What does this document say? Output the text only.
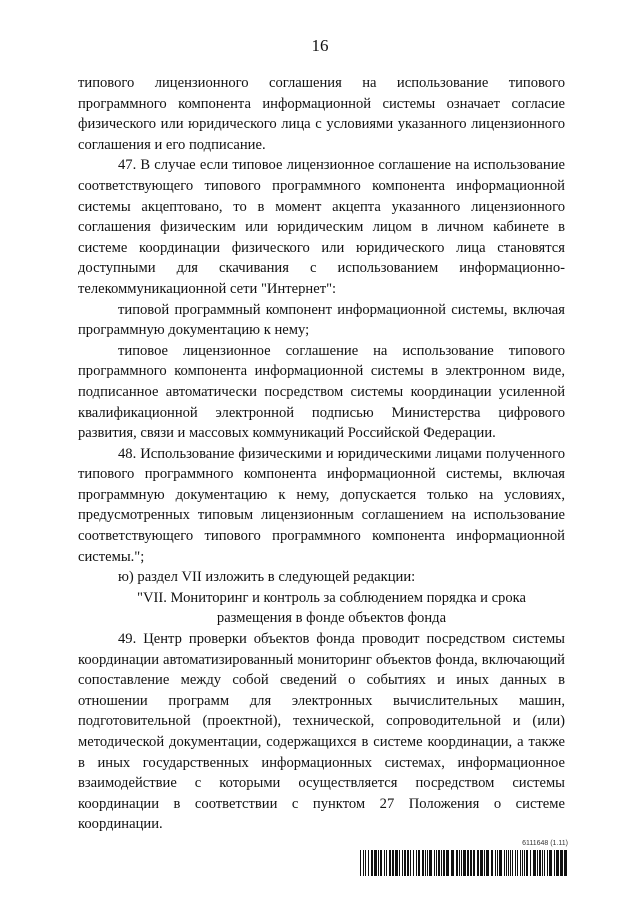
16

типового лицензионного соглашения на использование типового программного компонента информационной системы означает согласие физического или юридического лица с условиями указанного лицензионного соглашения и его подписание.

47. В случае если типовое лицензионное соглашение на использование соответствующего типового программного компонента информационной системы акцептовано, то в момент акцепта указанного лицензионного соглашения физическим или юридическим лицом в личном кабинете в системе координации физического или юридического лица становятся доступными для скачивания с использованием информационно-телекоммуникационной сети "Интернет":

типовой программный компонент информационной системы, включая программную документацию к нему;

типовое лицензионное соглашение на использование типового программного компонента информационной системы в электронном виде, подписанное автоматически посредством системы координации усиленной квалификационной электронной подписью Министерства цифрового развития, связи и массовых коммуникаций Российской Федерации.

48. Использование физическими и юридическими лицами полученного типового программного компонента информационной системы, включая программную документацию к нему, допускается только на условиях, предусмотренных типовым лицензионным соглашением на использование соответствующего типового программного компонента информационной системы.";

ю) раздел VII изложить в следующей редакции:

"VII. Мониторинг и контроль за соблюдением порядка и срока размещения в фонде объектов фонда

49. Центр проверки объектов фонда проводит посредством системы координации автоматизированный мониторинг объектов фонда, включающий сопоставление между собой сведений о событиях и иных данных в отношении программ для электронных вычислительных машин, подготовительной (проектной), технической, сопроводительной и (или) методической документации, содержащихся в системе координации, а также в иных государственных информационных системах, информационное взаимодействие с которыми осуществляется посредством системы координации в соответствии с пунктом 27 Положения о системе координации.

6111648 (1.11)
